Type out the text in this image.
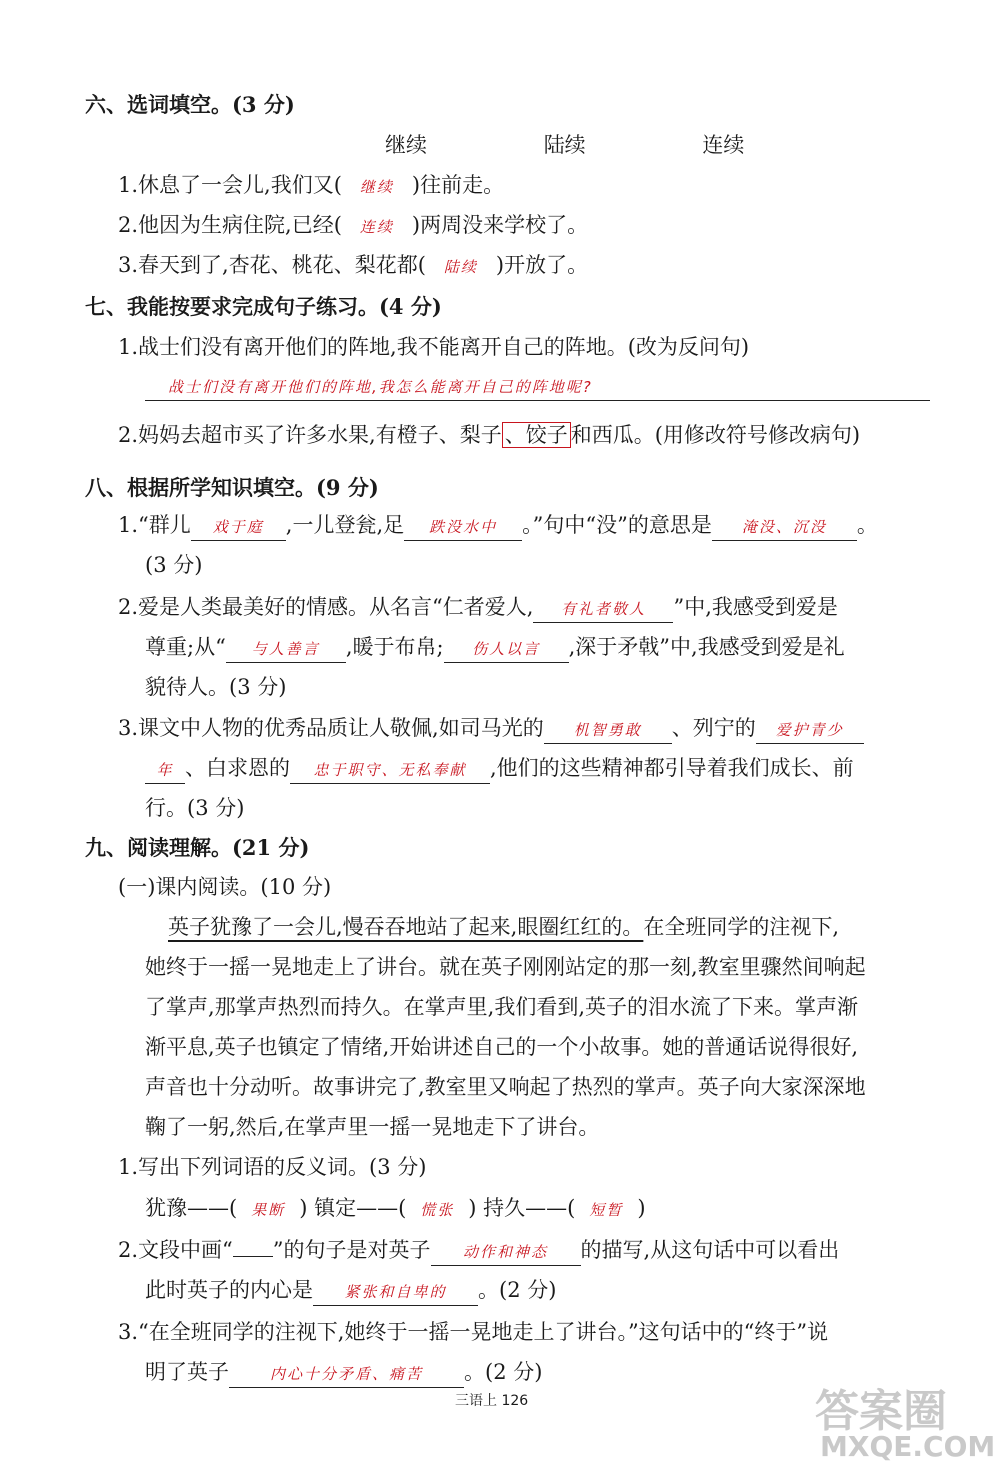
六、选词填空。(3 分)
继续	陆续	连续
1.休息了一会儿,我们又( 继续 )往前走。
2.他因为生病住院,已经( 连续 )两周没来学校了。
3.春天到了,杏花、桃花、梨花都( 陆续 )开放了。
七、我能按要求完成句子练习。(4 分)
1.战士们没有离开他们的阵地,我不能离开自己的阵地。(改为反问句)
战士们没有离开他们的阵地,我怎么能离开自己的阵地呢?
2.妈妈去超市买了许多水果,有橙子、梨子 、饺子 和西瓜。(用修改符号修改病句)
八、根据所学知识填空。(9 分)
1.“群儿 戏于庭 ,一儿登瓮,足 跌没水中 。”句中“没”的意思是 淹没、沉没 。
(3 分)
2.爱是人类最美好的情感。从名言“仁者爱人, 有礼者敬人 ”中,我感受到爱是
尊重;从“ 与人善言 ,暖于布帛; 伤人以言 ,深于矛戟”中,我感受到爱是礼
貌待人。(3 分)
3.课文中人物的优秀品质让人敬佩,如司马光的 机智勇敢 、列宁的 爱护青少
年 、白求恩的 忠于职守、无私奉献 ,他们的这些精神都引导着我们成长、前
行。(3 分)
九、阅读理解。(21 分)
(一)课内阅读。(10 分)
英子犹豫了一会儿,慢吞吞地站了起来,眼圈红红的。在全班同学的注视下,
她终于一摇一晃地走上了讲台。就在英子刚刚站定的那一刻,教室里骤然间响起
了掌声,那掌声热烈而持久。在掌声里,我们看到,英子的泪水流了下来。掌声渐
渐平息,英子也镇定了情绪,开始讲述自己的一个小故事。她的普通话说得很好,
声音也十分动听。故事讲完了,教室里又响起了热烈的掌声。英子向大家深深地
鞠了一躬,然后,在掌声里一摇一晃地走下了讲台。
1.写出下列词语的反义词。(3 分)
犹豫——( 果断 ) 镇定——( 慌张 ) 持久——( 短暂 )
2.文段中画“ ”的句子是对英子 动作和神态 的描写,从这句话中可以看出
此时英子的内心是 紧张和自卑的 。(2 分)
3.“在全班同学的注视下,她终于一摇一晃地走上了讲台。”这句话中的“终于”说
明了英子	内心十分矛盾、痛苦 。(2 分)
三语上 126	答案圈
MXQE.COM
